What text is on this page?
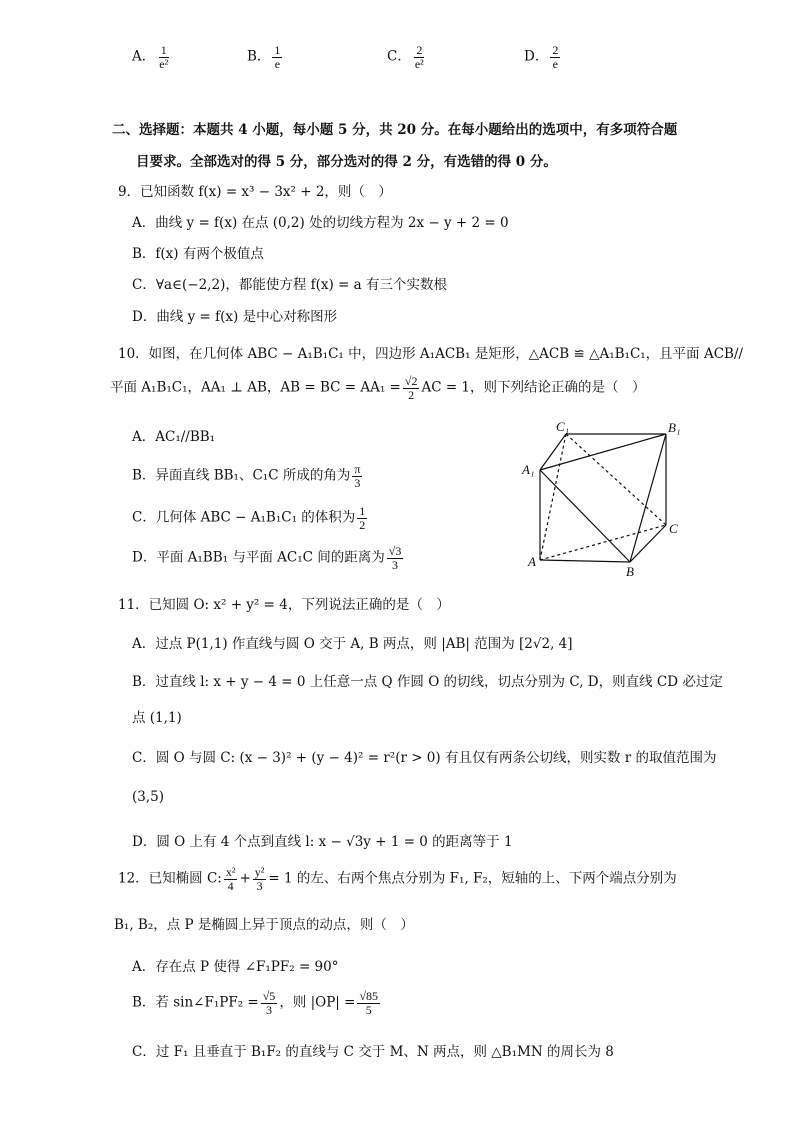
A． $\frac{1}{\text{e²}}$	B． $\frac{1}{e}$	C． $\frac{2}{\text{e²}}$	D． $\frac{2}{e}$
二、选择题：本题共 4 小题，每小题 5 分，共 20 分。在每小题给出的选项中，有多项符合题
目要求。全部选对的得 5 分，部分选对的得 2 分，有选错的得 0 分。
9．已知函数 f(x) = x³ − 3x² + 2，则（　）
A．曲线 y = f(x) 在点 (0,2) 处的切线方程为 2x − y + 2 = 0
B．f(x) 有两个极值点
C．∀a∈(−2,2)，都能使方程 f(x) = a 有三个实数根
D．曲线 y = f(x) 是中心对称图形
10．如图，在几何体 ABC − A₁B₁C₁ 中，四边形 A₁ACB₁ 是矩形，△ACB ≌ △A₁B₁C₁，且平面 ACB//
平面 A₁B₁C₁，AA₁ ⊥ AB，AB = BC = $AA_1 = \frac{√2}{2}$ AC = 1，则下列结论正确的是（　）
A．AC₁//BB₁
B．异面直线 BB₁、C₁C 所成的角为 $\frac{\pi}{3}$
C．几何体 ABC − A₁B₁C₁ 的体积为 $\frac{1}{2}$
D．平面 A₁BB₁ 与平面 AC₁C 间的距离为 $\frac{√3}{3}$
C₁	B₁
A₁
C
A
B
11．已知圆 O: x² + y² = 4，下列说法正确的是（　）
A．过点 P(1,1) 作直线与圆 O 交于 A, B 两点，则 |AB| 范围为 [2√2, 4]
B．过直线 l: x + y − 4 = 0 上任意一点 Q 作圆 O 的切线，切点分别为 C, D，则直线 CD 必过定
点 (1,1)
C．圆 O 与圆 C: (x − 3)² + (y − 4)² = r²(r > 0) 有且仅有两条公切线，则实数 r 的取值范围为
(3,5)
D．圆 O 上有 4 个点到直线 l: x − √3y + 1 = 0 的距离等于 1
12．已知椭圆 C: $\frac{\text{x²}}{4} + \frac{\text{y²}}{3} = 1$ 的左、右两个焦点分别为 F₁, F₂，短轴的上、下两个端点分别为
B₁, B₂，点 P 是椭圆上异于顶点的动点，则（　）
A．存在点 P 使得 ∠F₁PF₂ = 90°
B．若 sin∠F₁PF₂ = $\frac{√5}{3}$ ，则 $|OP| = \frac{√85}{5}$
C．过 F₁ 且垂直于 B₁F₂ 的直线与 C 交于 M、N 两点，则 △B₁MN 的周长为 8
